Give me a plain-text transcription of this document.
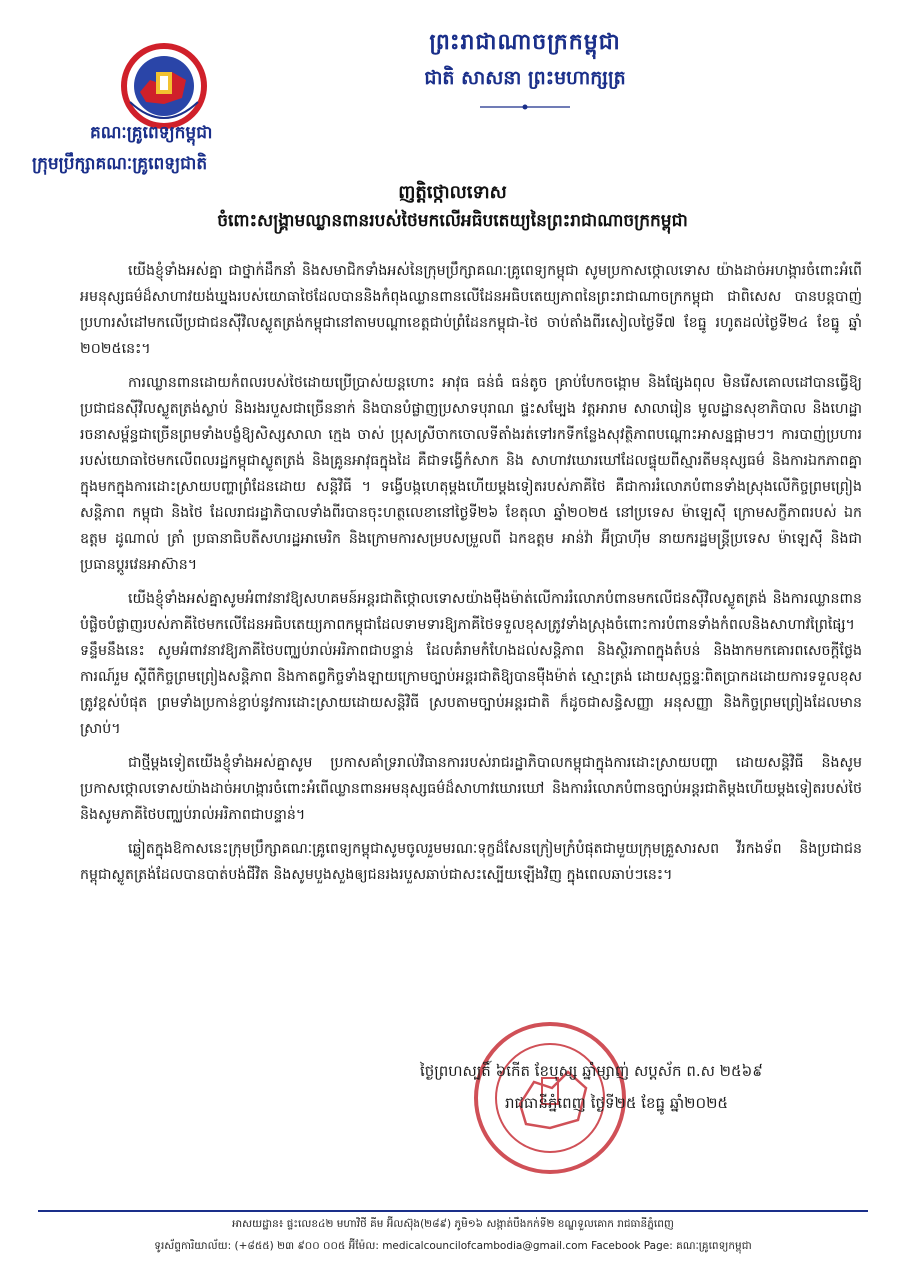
ព្រះរាជាណាចក្រកម្ពុជា
ជាតិ សាសនា ព្រះមហាក្សត្រ
គណៈគ្រូពេទ្យកម្ពុជា
ក្រុមប្រឹក្សាគណៈគ្រូពេទ្យជាតិ
ញត្តិថ្កោលទោស
ចំពោះសង្គ្រាមឈ្លានពានរបស់ថៃមកលើអធិបតេយ្យនៃព្រះរាជាណាចក្រកម្ពុជា

យើងខ្ញុំទាំងអស់គ្នា ជាថ្នាក់ដឹកនាំ និងសមាជិកទាំងអស់នៃក្រុមប្រឹក្សាគណៈគ្រូពេទ្យកម្ពុជា សូមប្រកាសថ្កោលទោស យ៉ាងដាច់អហង្ការចំពោះអំពើអមនុស្សធម៌ដ៏សាហាវយង់ឃ្នងរបស់យោធាថៃដែលបាននិងកំពុងឈ្លានពានលើដែនអធិបតេយ្យភាពនៃព្រះរាជាណាចក្រកម្ពុជា ជាពិសេស បានបន្តបាញ់ប្រហារសំដៅមកលើប្រជាជនស៊ីវិលស្លូតត្រង់កម្ពុជានៅតាមបណ្តាខេត្តជាប់ព្រំដែនកម្ពុជា-ថៃ ចាប់តាំងពីរសៀលថ្ងៃទី៧ ខែធ្នូ រហូតដល់ថ្ងៃទី២៤ ខែធ្នូ ឆ្នាំ ២០២៥នេះ។

ការឈ្លានពានដោយកំពលរបស់ថៃដោយប្រើប្រាស់យន្តហោះ អាវុធ ធន់ធំ ធន់តូច គ្រាប់បែកចង្កោម និងផ្សែងពុល មិនរើសគោលដៅបានធ្វើឱ្យប្រជាជនស៊ីវិលស្លូតត្រង់ស្លាប់ និងរងរបួសជាច្រើននាក់ និងបានបំផ្លាញប្រសាទបុរាណ ផ្ទះសម្បែង វត្តអារាម សាលារៀន មូលដ្ឋានសុខាភិបាល និងហេដ្ឋារចនាសម្ព័ន្ធជាច្រើនព្រមទាំងបង្ខំឱ្យសិស្សសាលា ក្មេង ចាស់ ប្រុសស្រីចាកចោលទីតាំងរត់ទៅរកទីកន្លែងសុវត្ថិភាពបណ្តោះអាសន្នផ្អាមៗ។ ការបាញ់ប្រហាររបស់យោធាថៃមកលើពលរដ្ឋកម្ពុជាស្លូតត្រង់ និងគ្រូនអាវុធក្នុងដៃ គឺជាទង្វើកំសាក និង សាហាវឃោរឃៅដែលផ្ទុយពីស្មារតីមនុស្សធម៌ និងការឯកភាពគ្នាក្នុងមកក្នុងការដោះស្រាយបញ្ហាព្រំដែនដោយ សន្តិវិធី ។ ទង្វើបង្កហេតុម្តងហើយម្តងទៀតរបស់ភាគីថៃ គឺជាការរំលោភបំពានទាំងស្រុងលើកិច្ចព្រមព្រៀងសន្តិភាព កម្ពុជា និងថៃ ដែលរាជរដ្ឋាភិបាលទាំងពីរបានចុះហត្ថលេខានៅថ្ងៃទី២៦ ខែតុលា ឆ្នាំ២០២៥ នៅប្រទេស ម៉ាឡេស៊ី ក្រោមសក្ខីភាពរបស់ ឯកឧត្តម ដូណាល់ ត្រាំ ប្រធានាធិបតីសហរដ្ឋអាមេរិក និងក្រោមការសម្របសម្រួលពី ឯកឧត្តម អាន់វ៉ា អ៊ីប្រាហ៊ីម នាយករដ្ឋមន្ត្រីប្រទេស ម៉ាឡេស៊ី និងជាប្រធានប្តូរវេនអាស៊ាន។

យើងខ្ញុំទាំងអស់គ្នាសូមអំពាវនាវឱ្យសហគមន៍អន្តរជាតិថ្កោលទោសយ៉ាងម៉ឺងម៉ាត់លើការរំលោភបំពានមកលើជនស៊ីវិលស្លូតត្រង់ និងការឈ្លានពានបំផ្លិចបំផ្លាញរបស់ភាគីថៃមកលើដែនអធិបតេយ្យភាពកម្ពុជាដែលទាមទារឱ្យភាគីថៃទទួលខុសត្រូវទាំងស្រុងចំពោះការបំពានទាំងកំពលនិងសាហាវព្រៃផ្សៃ។ទន្ទឹមនឹងនេះ សូមអំពាវនាវឱ្យភាគីថៃបញ្ឈប់រាល់អរិភាពជាបន្ទាន់ ដែលគំរាមកំហែងដល់សន្តិភាព និងស្ថិរភាពក្នុងតំបន់ និងងាកមកគោរពសេចក្តីថ្លែងការណ៍រួម ស្តីពីកិច្ចព្រមព្រៀងសន្តិភាព និងកាតព្វកិច្ចទាំងឡាយក្រោមច្បាប់អន្តរជាតិឱ្យបានម៉ឺងម៉ាត់ ស្មោះត្រង់ ដោយសុច្ឆន្ទៈពិតប្រាកដដោយការទទួលខុសត្រូវខ្ពស់បំផុត ព្រមទាំងប្រកាន់ខ្ជាប់នូវការដោះស្រាយដោយសន្តិវិធី ស្របតាមច្បាប់អន្តរជាតិ ក៏ដូចជាសន្ធិសញ្ញា អនុសញ្ញា និងកិច្ចព្រមព្រៀងដែលមានស្រាប់។

ជាថ្មីម្តងទៀតយើងខ្ញុំទាំងអស់គ្នាសូម ប្រកាសគាំទ្ររាល់វិធានការរបស់រាជរដ្ឋាភិបាលកម្ពុជាក្នុងការដោះស្រាយបញ្ហា ដោយសន្តិវិធី និងសូមប្រកាសថ្កោលទោសយ៉ាងដាច់អហង្ការចំពោះអំពើឈ្លានពានអមនុស្សធម៌ដ៏សាហាវឃោរឃៅ និងការរំលោភបំពានច្បាប់អន្តរជាតិម្តងហើយម្តងទៀតរបស់ថៃ និងសូមភាគីថៃបញ្ឈប់រាល់អរិភាពជាបន្ទាន់។

ឆ្លៀតក្នុងឱកាសនេះក្រុមប្រឹក្សាគណៈគ្រូពេទ្យកម្ពុជាសូមចូលរួមមរណៈទុក្ខដ៏សែនក្រៀមក្រំបំផុតជាមួយក្រុមគ្រួសារសព វីរកងទ័ព និងប្រជាជនកម្ពុជាស្លូតត្រង់ដែលបានបាត់បង់ជីវិត និងសូមបួងសួងឲ្យជនរងរបួសឆាប់ជាសះស្បើយឡើងវិញ ក្នុងពេលឆាប់ៗនេះ។

ថ្ងៃព្រហស្បតិ៍ ៦កើត ខែបុស្ស ឆ្នាំម្សាញ់ សប្តស័ក ព.ស ២៥៦៩
រាជធានីភ្នំពេញ ថ្ងៃទី២៥ ខែធ្នូ ឆ្នាំ២០២៥
អាសយដ្ឋាន៖ ផ្ទះលេខ៤២ មហាវិថី គីម អ៊ីលស៊ុង(២៨៩) ភូមិ១៦ សង្កាត់បឹងកក់ទី២ ខណ្ឌទួលគោក រាជធានីភ្នំពេញ
ទូរស័ព្ទការិយាល័យ: (+៨៥៥) ២៣ ៩០០ ០០៥ អ៊ីម៉ែល: medicalcouncilofcambodia@gmail.com Facebook Page: គណៈគ្រូពេទ្យកម្ពុជា
